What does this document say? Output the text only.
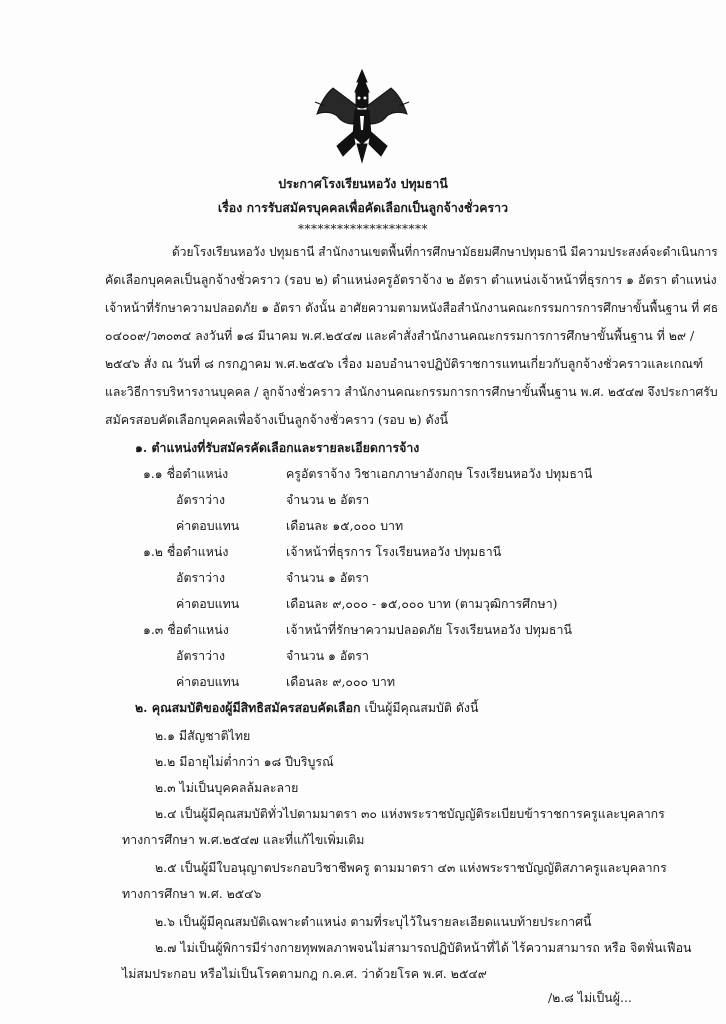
ประกาศโรงเรียนหอวัง ปทุมธานี
เรื่อง การรับสมัครบุคคลเพื่อคัดเลือกเป็นลูกจ้างชั่วคราว
********************
ด้วยโรงเรียนหอวัง ปทุมธานี สำนักงานเขตพื้นที่การศึกษามัธยมศึกษาปทุมธานี มีความประสงค์จะดำเนินการ
คัดเลือกบุคคลเป็นลูกจ้างชั่วคราว (รอบ ๒) ตำแหน่งครูอัตราจ้าง ๒ อัตรา ตำแหน่งเจ้าหน้าที่ธุรการ ๑ อัตรา ตำแหน่ง
เจ้าหน้าที่รักษาความปลอดภัย ๑ อัตรา ดังนั้น อาศัยความตามหนังสือสำนักงานคณะกรรมการการศึกษาขั้นพื้นฐาน ที่ ศธ
๐๔๐๐๙/ว๓๐๓๔ ลงวันที่ ๑๘ มีนาคม พ.ศ.๒๕๔๗ และคำสั่งสำนักงานคณะกรรมการการศึกษาขั้นพื้นฐาน ที่ ๒๙ /
๒๕๔๖ สั่ง ณ วันที่ ๘ กรกฎาคม พ.ศ.๒๕๔๖ เรื่อง มอบอำนาจปฏิบัติราชการแทนเกี่ยวกับลูกจ้างชั่วคราวและเกณฑ์
และวิธีการบริหารงานบุคคล / ลูกจ้างชั่วคราว สำนักงานคณะกรรมการการศึกษาขั้นพื้นฐาน พ.ศ. ๒๕๔๗ จึงประกาศรับ
สมัครสอบคัดเลือกบุคคลเพื่อจ้างเป็นลูกจ้างชั่วคราว (รอบ ๒) ดังนี้
๑. ตำแหน่งที่รับสมัครคัดเลือกและรายละเอียดการจ้าง
๑.๑ ชื่อตำแหน่ง	ครูอัตราจ้าง วิชาเอกภาษาอังกฤษ โรงเรียนหอวัง ปทุมธานี
อัตราว่าง	จำนวน ๒ อัตรา
ค่าตอบแทน	เดือนละ ๑๕,๐๐๐ บาท
๑.๒ ชื่อตำแหน่ง	เจ้าหน้าที่ธุรการ โรงเรียนหอวัง ปทุมธานี
อัตราว่าง	จำนวน ๑ อัตรา
ค่าตอบแทน	เดือนละ ๙,๐๐๐ - ๑๕,๐๐๐ บาท (ตามวุฒิการศึกษา)
๑.๓ ชื่อตำแหน่ง	เจ้าหน้าที่รักษาความปลอดภัย โรงเรียนหอวัง ปทุมธานี
อัตราว่าง	จำนวน ๑ อัตรา
ค่าตอบแทน	เดือนละ ๙,๐๐๐ บาท
๒. คุณสมบัติของผู้มีสิทธิสมัครสอบคัดเลือก เป็นผู้มีคุณสมบัติ ดังนี้
๒.๑ มีสัญชาติไทย
๒.๒ มีอายุไม่ต่ำกว่า ๑๘ ปีบริบูรณ์
๒.๓ ไม่เป็นบุคคลล้มละลาย
๒.๔ เป็นผู้มีคุณสมบัติทั่วไปตามมาตรา ๓๐ แห่งพระราชบัญญัติระเบียบข้าราชการครูและบุคลากร
ทางการศึกษา พ.ศ.๒๕๔๗ และที่แก้ไขเพิ่มเติม
๒.๕ เป็นผู้มีใบอนุญาตประกอบวิชาชีพครู ตามมาตรา ๔๓ แห่งพระราชบัญญัติสภาครูและบุคลากร
ทางการศึกษา พ.ศ. ๒๕๔๖
๒.๖ เป็นผู้มีคุณสมบัติเฉพาะตำแหน่ง ตามที่ระบุไว้ในรายละเอียดแนบท้ายประกาศนี้
๒.๗ ไม่เป็นผู้พิการมีร่างกายทุพพลภาพจนไม่สามารถปฏิบัติหน้าที่ได้ ไร้ความสามารถ หรือ จิตฟั่นเฟือน
ไม่สมประกอบ หรือไม่เป็นโรคตามกฎ ก.ค.ศ. ว่าด้วยโรค พ.ศ. ๒๕๔๙
/๒.๘ ไม่เป็นผู้...
